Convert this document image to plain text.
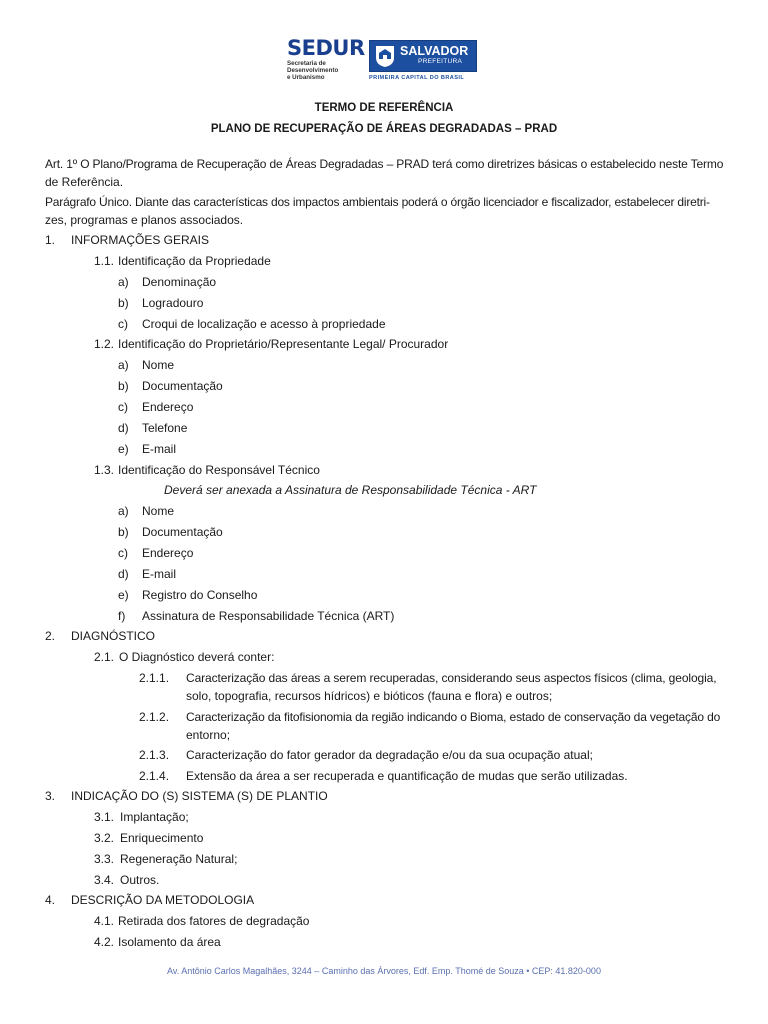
SEDUR
Secretaria de
Desenvolvimento
e Urbanismo
SALVADOR
PREFEITURA
PRIMEIRA CAPITAL DO BRASIL
TERMO DE REFERÊNCIA
PLANO DE RECUPERAÇÃO DE ÁREAS DEGRADADAS – PRAD
Art. 1º O Plano/Programa de Recuperação de Áreas Degradadas – PRAD terá como diretrizes básicas o estabelecido neste Termo
de Referência.
Parágrafo Único. Diante das características dos impactos ambientais poderá o órgão licenciador e fiscalizador, estabelecer diretri-
zes, programas e planos associados.
1. INFORMAÇÕES GERAIS
1.1. Identificação da Propriedade
a) Denominação
b) Logradouro
c) Croqui de localização e acesso à propriedade
1.2. Identificação do Proprietário/Representante Legal/ Procurador
a) Nome
b) Documentação
c) Endereço
d) Telefone
e) E-mail
1.3. Identificação do Responsável Técnico
Deverá ser anexada a Assinatura de Responsabilidade Técnica - ART
a) Nome
b) Documentação
c) Endereço
d) E-mail
e) Registro do Conselho
f) Assinatura de Responsabilidade Técnica (ART)
2. DIAGNÓSTICO
2.1. O Diagnóstico deverá conter:
2.1.1. Caracterização das áreas a serem recuperadas, considerando seus aspectos físicos (clima, geologia,
solo, topografia, recursos hídricos) e bióticos (fauna e flora) e outros;
2.1.2. Caracterização da fitofisionomia da região indicando o Bioma, estado de conservação da vegetação do
entorno;
2.1.3. Caracterização do fator gerador da degradação e/ou da sua ocupação atual;
2.1.4. Extensão da área a ser recuperada e quantificação de mudas que serão utilizadas.
3. INDICAÇÃO DO (S) SISTEMA (S) DE PLANTIO
3.1. Implantação;
3.2. Enriquecimento
3.3. Regeneração Natural;
3.4. Outros.
4. DESCRIÇÃO DA METODOLOGIA
4.1. Retirada dos fatores de degradação
4.2. Isolamento da área
Av. Antônio Carlos Magalhães, 3244 – Caminho das Árvores, Edf. Emp. Thomé de Souza • CEP: 41.820-000
